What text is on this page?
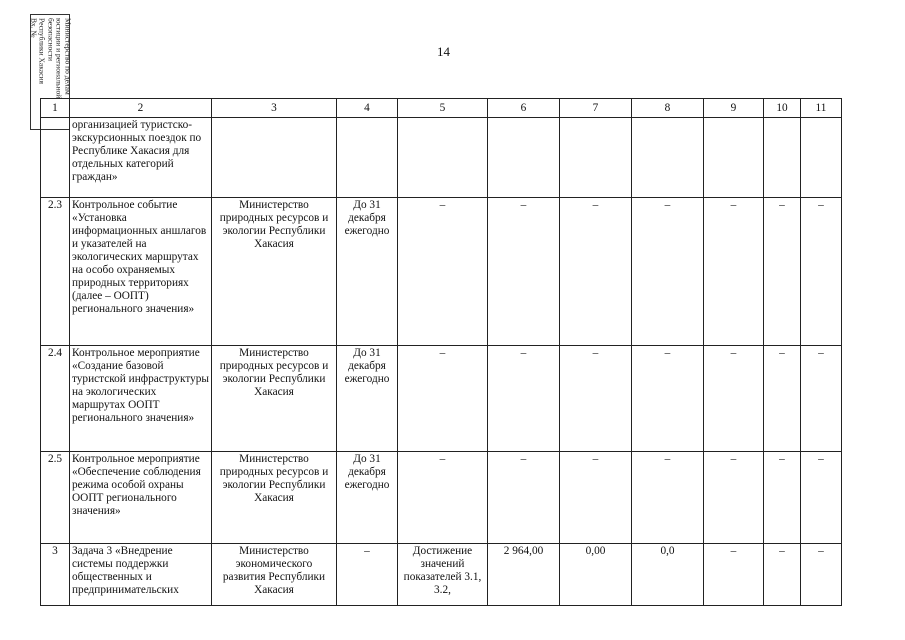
14
Министерство по делам
юстиции и региональной
безопасности
Республики Хакасия
Вх. № ___________
1	2	3	4	5	6	7	8	9	10	11
	организацией туристско-экскурсионных поездок по Республике Хакасия для отдельных категорий граждан»									
2.3	Контрольное событие «Установка информационных аншлагов и указателей на экологических маршрутах на особо охраняемых природных территориях (далее – ООПТ) регионального значения»	Министерство природных ресурсов и экологии Республики Хакасия	До 31 декабря ежегодно	–	–	–	–	–	–	–
2.4	Контрольное мероприятие «Создание базовой туристской инфраструктуры на экологических маршрутах ООПТ регионального значения»	Министерство природных ресурсов и экологии Республики Хакасия	До 31 декабря ежегодно	–	–	–	–	–	–	–
2.5	Контрольное мероприятие «Обеспечение соблюдения режима особой охраны ООПТ регионального значения»	Министерство природных ресурсов и экологии Республики Хакасия	До 31 декабря ежегодно	–	–	–	–	–	–	–
3	Задача 3 «Внедрение системы поддержки общественных и предпринимательских	Министерство экономического развития Республики Хакасия	–	Достижение значений показателей 3.1, 3.2,	2 964,00	0,00	0,0	–	–	–
